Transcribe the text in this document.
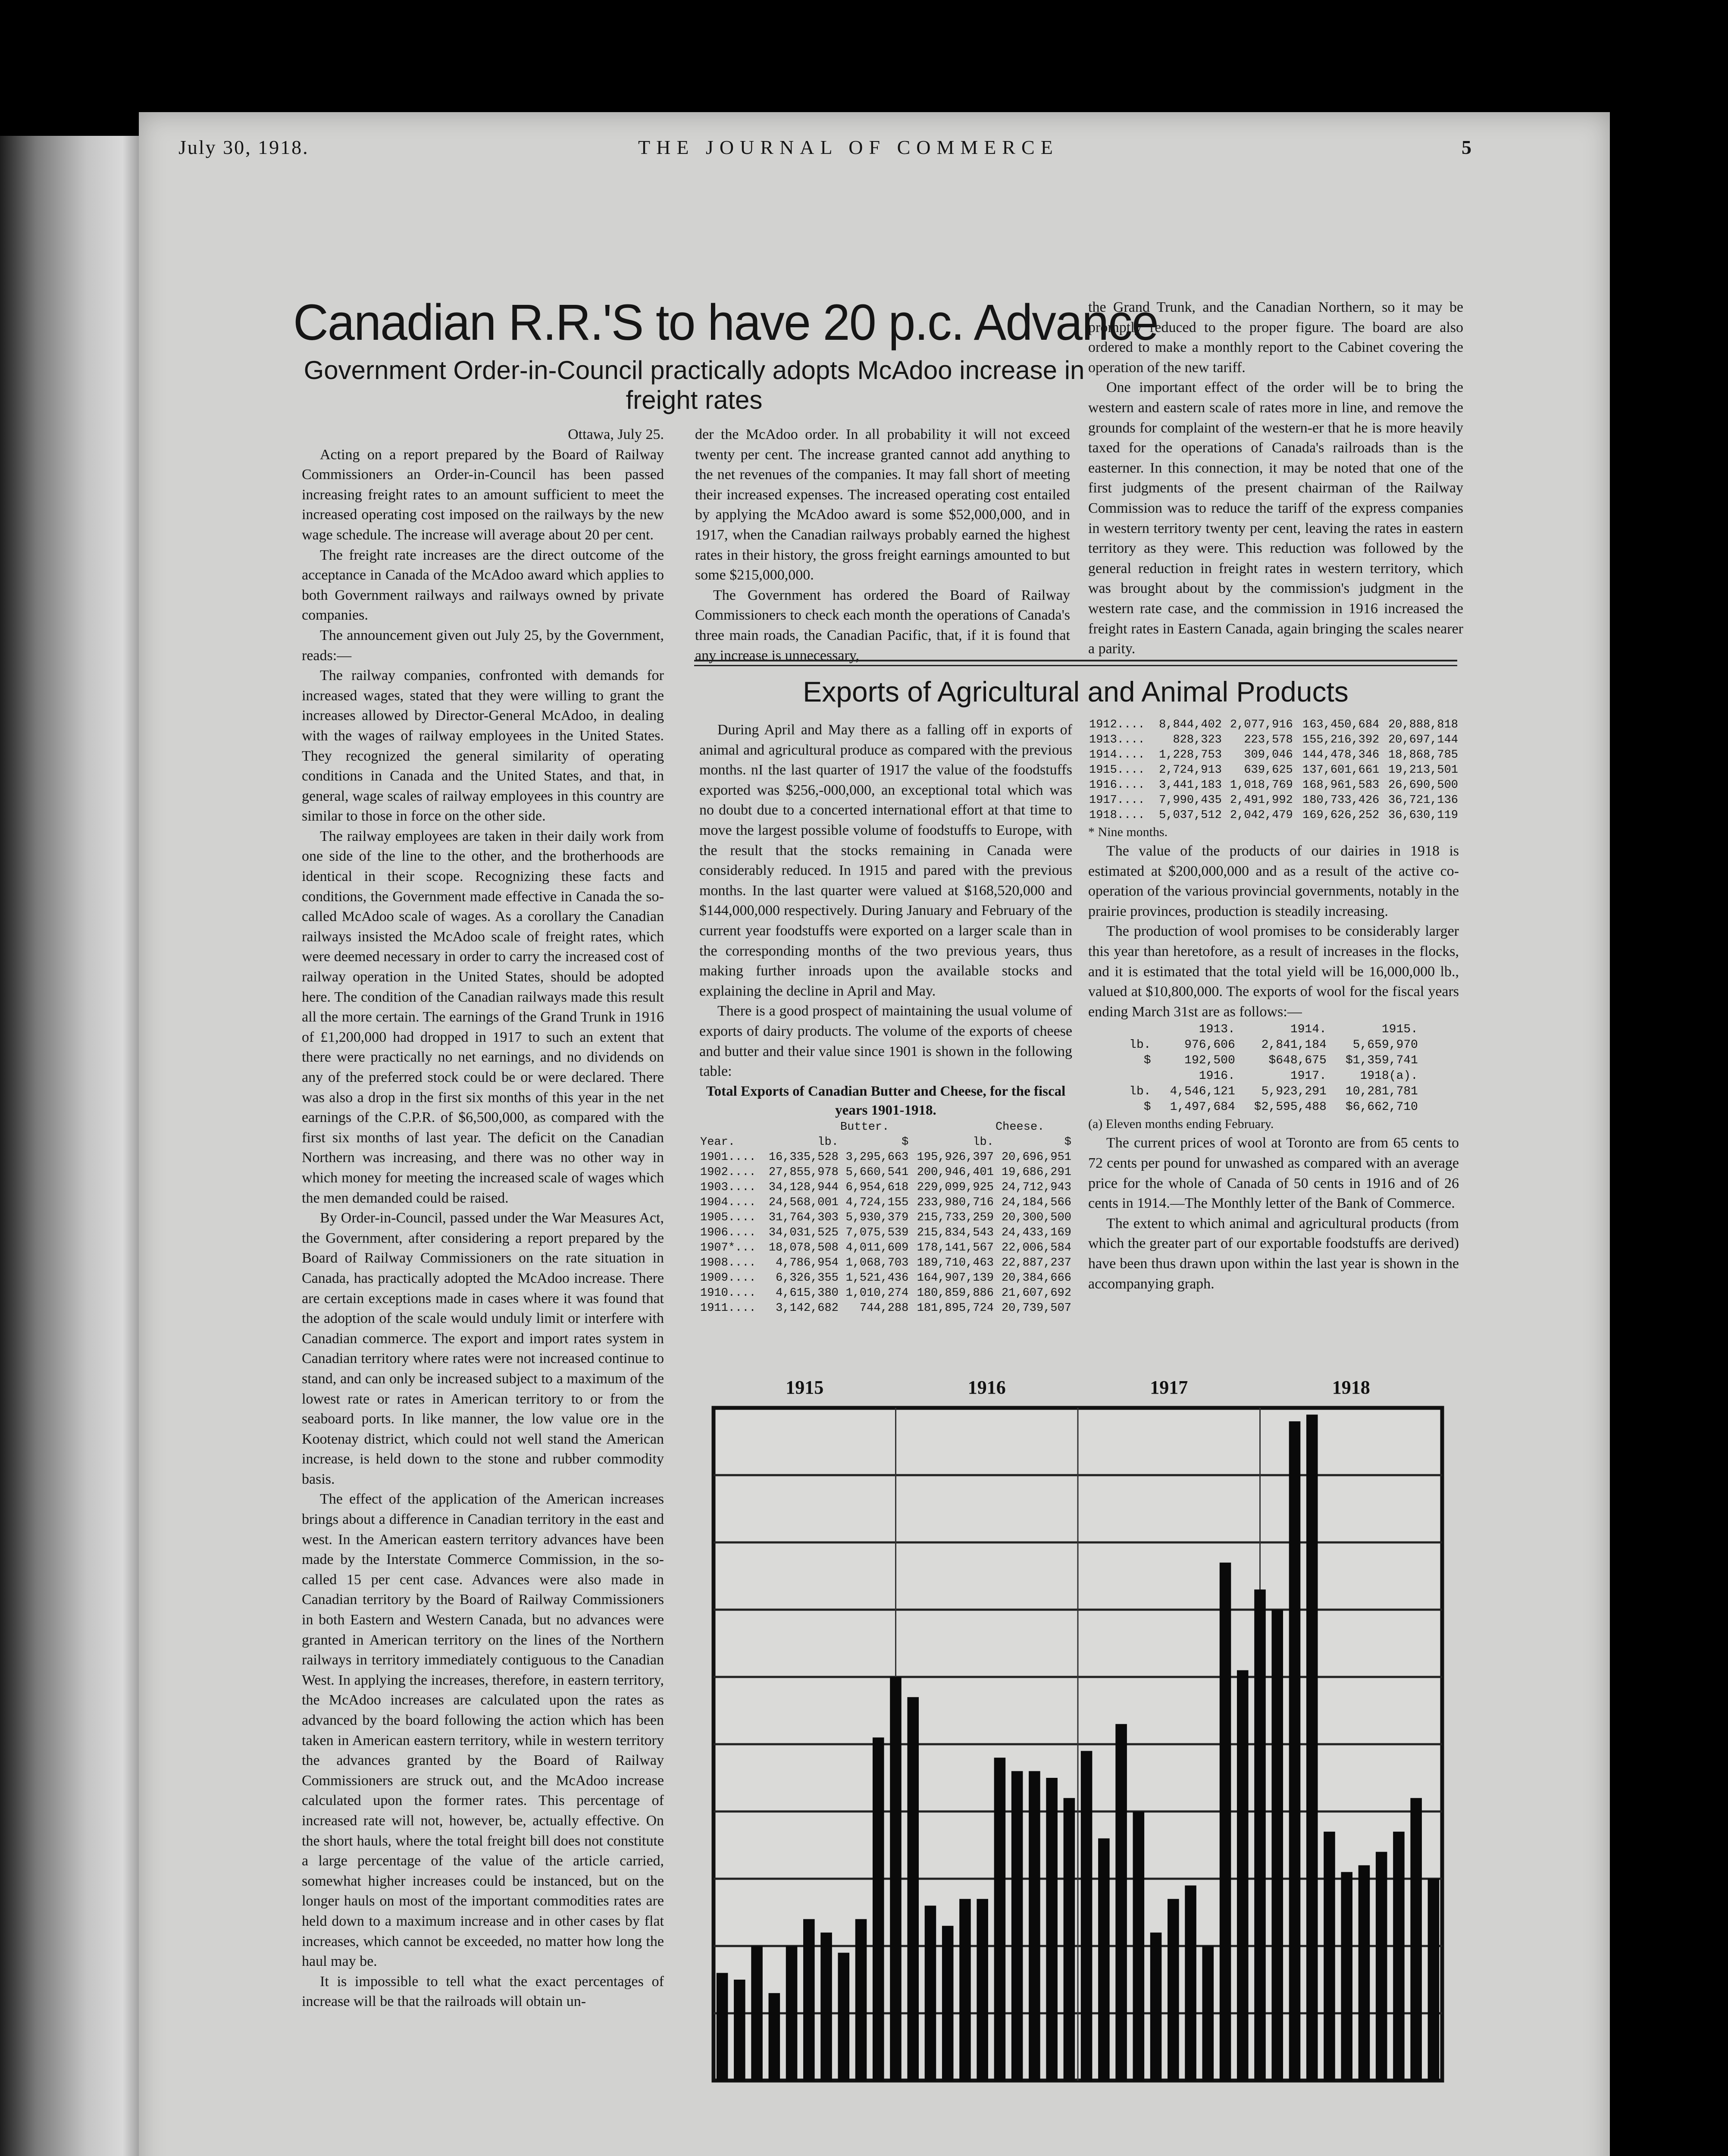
July 30, 1918.	THE JOURNAL OF COMMERCE	5
Canadian R.R.'S to have 20 p.c. Advance

Government Order-in-Council practically adopts McAdoo increase in freight rates

Ottawa, July 25.

Acting on a report prepared by the Board of Railway Commissioners an Order-in-Council has been passed increasing freight rates to an amount sufficient to meet the increased operating cost imposed on the railways by the new wage schedule. The increase will average about 20 per cent.

The freight rate increases are the direct outcome of the acceptance in Canada of the McAdoo award which applies to both Government railways and railways owned by private companies.

The announcement given out July 25, by the Government, reads:—

The railway companies, confronted with demands for increased wages, stated that they were willing to grant the increases allowed by Director-General McAdoo, in dealing with the wages of railway employees in the United States. They recognized the general similarity of operating conditions in Canada and the United States, and that, in general, wage scales of railway employees in this country are similar to those in force on the other side.

The railway employees are taken in their daily work from one side of the line to the other, and the brotherhoods are identical in their scope. Recognizing these facts and conditions, the Government made effective in Canada the so-called McAdoo scale of wages. As a corollary the Canadian railways insisted the McAdoo scale of freight rates, which were deemed necessary in order to carry the increased cost of railway operation in the United States, should be adopted here. The condition of the Canadian railways made this result all the more certain. The earnings of the Grand Trunk in 1916 of £1,200,000 had dropped in 1917 to such an extent that there were practically no net earnings, and no dividends on any of the preferred stock could be or were declared. There was also a drop in the first six months of this year in the net earnings of the C.P.R. of $6,500,000, as compared with the first six months of last year. The deficit on the Canadian Northern was increasing, and there was no other way in which money for meeting the increased scale of wages which the men demanded could be raised.

By Order-in-Council, passed under the War Measures Act, the Government, after considering a report prepared by the Board of Railway Commissioners on the rate situation in Canada, has practically adopted the McAdoo increase. There are certain exceptions made in cases where it was found that the adoption of the scale would unduly limit or interfere with Canadian commerce. The export and import rates system in Canadian territory where rates were not increased continue to stand, and can only be increased subject to a maximum of the lowest rate or rates in American territory to or from the seaboard ports. In like manner, the low value ore in the Kootenay district, which could not well stand the American increase, is held down to the stone and rubber commodity basis.

The effect of the application of the American increases brings about a difference in Canadian territory in the east and west. In the American eastern territory advances have been made by the Interstate Commerce Commission, in the so-called 15 per cent case. Advances were also made in Canadian territory by the Board of Railway Commissioners in both Eastern and Western Canada, but no advances were granted in American territory on the lines of the Northern railways in territory immediately contiguous to the Canadian West. In applying the increases, therefore, in eastern territory, the McAdoo increases are calculated upon the rates as advanced by the board following the action which has been taken in American eastern territory, while in western territory the advances granted by the Board of Railway Commissioners are struck out, and the McAdoo increase calculated upon the former rates. This percentage of increased rate will not, however, be, actually effective. On the short hauls, where the total freight bill does not constitute a large percentage of the value of the article carried, somewhat higher increases could be instanced, but on the longer hauls on most of the important commodities rates are held down to a maximum increase and in other cases by flat increases, which cannot be exceeded, no matter how long the haul may be.

It is impossible to tell what the exact percentages of increase will be that the railroads will obtain un-

der the McAdoo order. In all probability it will not exceed twenty per cent. The increase granted cannot add anything to the net revenues of the companies. It may fall short of meeting their increased expenses. The increased operating cost entailed by applying the McAdoo award is some $52,000,000, and in 1917, when the Canadian railways probably earned the highest rates in their history, the gross freight earnings amounted to but some $215,000,000.

The Government has ordered the Board of Railway Commissioners to check each month the operations of Canada's three main roads, the Canadian Pacific, that, if it is found that any increase is unnecessary,

the Grand Trunk, and the Canadian Northern, so it may be promptly reduced to the proper figure. The board are also ordered to make a monthly report to the Cabinet covering the operation of the new tariff.

One important effect of the order will be to bring the western and eastern scale of rates more in line, and remove the grounds for complaint of the western-er that he is more heavily taxed for the operations of Canada's railroads than is the easterner. In this connection, it may be noted that one of the first judgments of the present chairman of the Railway Commission was to reduce the tariff of the express companies in western territory twenty per cent, leaving the rates in eastern territory as they were. This reduction was followed by the general reduction in freight rates in western territory, which was brought about by the commission's judgment in the western rate case, and the commission in 1916 increased the freight rates in Eastern Canada, again bringing the scales nearer a parity.

Exports of Agricultural and Animal Products

During April and May there as a falling off in exports of animal and agricultural produce as compared with the previous months. nI the last quarter of 1917 the value of the foodstuffs exported was $256,-000,000, an exceptional total which was no doubt due to a concerted international effort at that time to move the largest possible volume of foodstuffs to Europe, with the result that the stocks remaining in Canada were considerably reduced. In 1915 and pared with the previous months. In the last quarter were valued at $168,520,000 and $144,000,000 respectively. During January and February of the current year foodstuffs were exported on a larger scale than in the corresponding months of the two previous years, thus making further inroads upon the available stocks and explaining the decline in April and May.

There is a good prospect of maintaining the usual volume of exports of dairy products. The volume of the exports of cheese and butter and their value since 1901 is shown in the following table:

Total Exports of Canadian Butter and Cheese, for the fiscal years 1901-1918.
		Butter.		Cheese.
Year.	lb.	$	lb.	$
1901....	16,335,528	3,295,663	195,926,397	20,696,951
1902....	27,855,978	5,660,541	200,946,401	19,686,291
1903....	34,128,944	6,954,618	229,099,925	24,712,943
1904....	24,568,001	4,724,155	233,980,716	24,184,566
1905....	31,764,303	5,930,379	215,733,259	20,300,500
1906....	34,031,525	7,075,539	215,834,543	24,433,169
1907*...	18,078,508	4,011,609	178,141,567	22,006,584
1908....	4,786,954	1,068,703	189,710,463	22,887,237
1909....	6,326,355	1,521,436	164,907,139	20,384,666
1910....	4,615,380	1,010,274	180,859,886	21,607,692
1911....	3,142,682	744,288	181,895,724	20,739,507
1912....	8,844,402	2,077,916	163,450,684	20,888,818
1913....	828,323	223,578	155,216,392	20,697,144
1914....	1,228,753	309,046	144,478,346	18,868,785
1915....	2,724,913	639,625	137,601,661	19,213,501
1916....	3,441,183	1,018,769	168,961,583	26,690,500
1917....	7,990,435	2,491,992	180,733,426	36,721,136
1918....	5,037,512	2,042,479	169,626,252	36,630,119

* Nine months.

The value of the products of our dairies in 1918 is estimated at $200,000,000 and as a result of the active co-operation of the various provincial governments, notably in the prairie provinces, production is steadily increasing.

The production of wool promises to be considerably larger this year than heretofore, as a result of increases in the flocks, and it is estimated that the total yield will be 16,000,000 lb., valued at $10,800,000. The exports of wool for the fiscal years ending March 31st are as follows:—

	1913.	1914.	1915.
lb.	976,606	2,841,184	5,659,970
$	192,500	$648,675	$1,359,741
	1916.	1917.	1918(a).
lb.	4,546,121	5,923,291	10,281,781
$	1,497,684	$2,595,488	$6,662,710

(a) Eleven months ending February.

The current prices of wool at Toronto are from 65 cents to 72 cents per pound for unwashed as compared with an average price for the whole of Canada of 50 cents in 1916 and of 26 cents in 1914.—The Monthly letter of the Bank of Commerce.

The extent to which animal and agricultural products (from which the greater part of our exportable foodstuffs are derived) have been thus drawn upon within the last year is shown in the accompanying graph.

1915	1916	1917	1918
